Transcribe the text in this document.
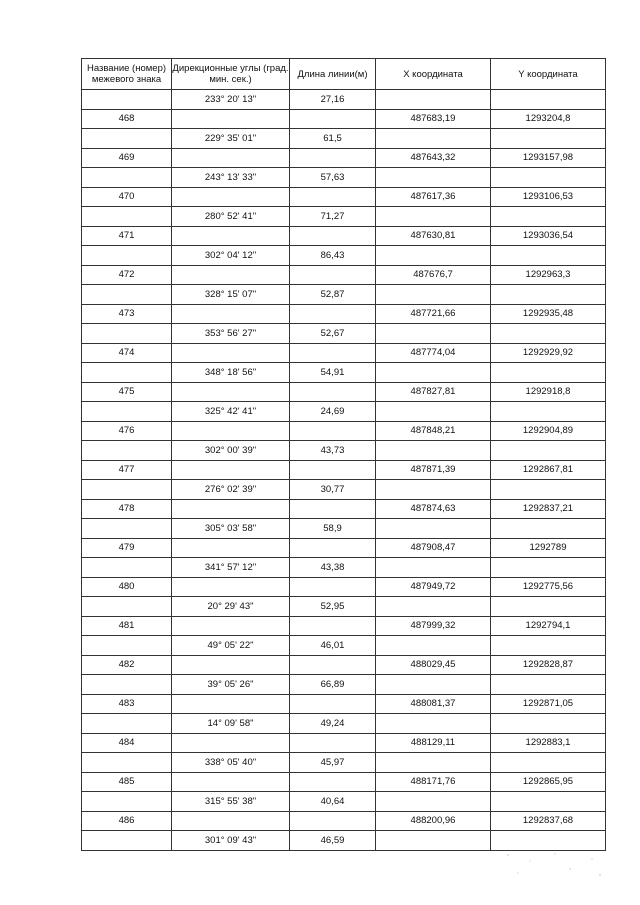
Название (номер) межевого знака	Дирекционные углы (град. мин. сек.)	Длина линии(м)	X координата	Y координата
	233° 20' 13"	27,16		
468			487683,19	1293204,8
	229° 35' 01"	61,5		
469			487643,32	1293157,98
	243° 13' 33"	57,63		
470			487617,36	1293106,53
	280° 52' 41"	71,27		
471			487630,81	1293036,54
	302° 04' 12"	86,43		
472			487676,7	1292963,3
	328° 15' 07"	52,87		
473			487721,66	1292935,48
	353° 56' 27"	52,67		
474			487774,04	1292929,92
	348° 18' 56"	54,91		
475			487827,81	1292918,8
	325° 42' 41"	24,69		
476			487848,21	1292904,89
	302° 00' 39"	43,73		
477			487871,39	1292867,81
	276° 02' 39"	30,77		
478			487874,63	1292837,21
	305° 03' 58"	58,9		
479			487908,47	1292789
	341° 57' 12"	43,38		
480			487949,72	1292775,56
	20° 29' 43"	52,95		
481			487999,32	1292794,1
	49° 05' 22"	46,01		
482			488029,45	1292828,87
	39° 05' 26"	66,89		
483			488081,37	1292871,05
	14° 09' 58"	49,24		
484			488129,11	1292883,1
	338° 05' 40"	45,97		
485			488171,76	1292865,95
	315° 55' 38"	40,64		
486			488200,96	1292837,68
	301° 09' 43"	46,59		
